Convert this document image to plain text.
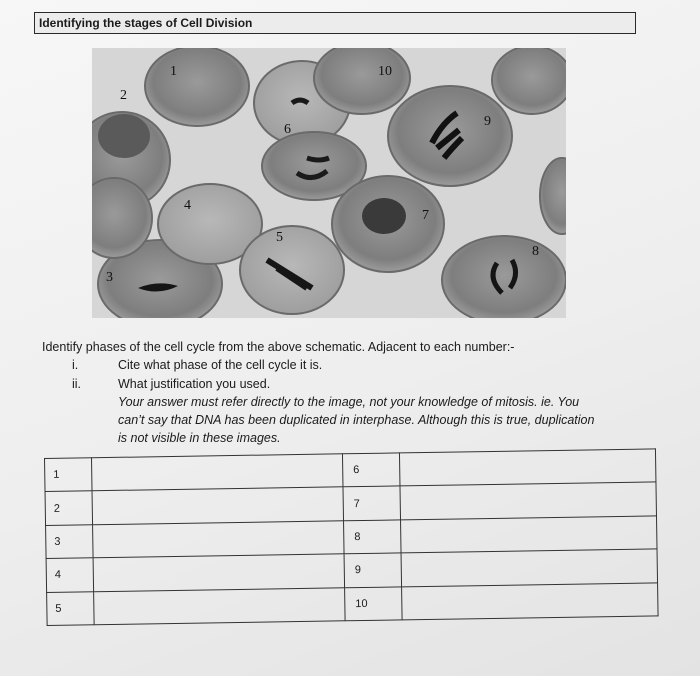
Identifying the stages of Cell Division
1
2
3
4
5
6
7
8
9
10
Identify phases of the cell cycle from the above schematic. Adjacent to each number:-
i.	Cite what phase of the cell cycle it is.
ii.	What justification you used.
Your answer must refer directly to the image, not your knowledge of mitosis. ie. You
can’t say that DNA has been duplicated in interphase. Although this is true, duplication
is not visible in these images.
1		6	
2		7	
3		8	
4		9	
5		10	
